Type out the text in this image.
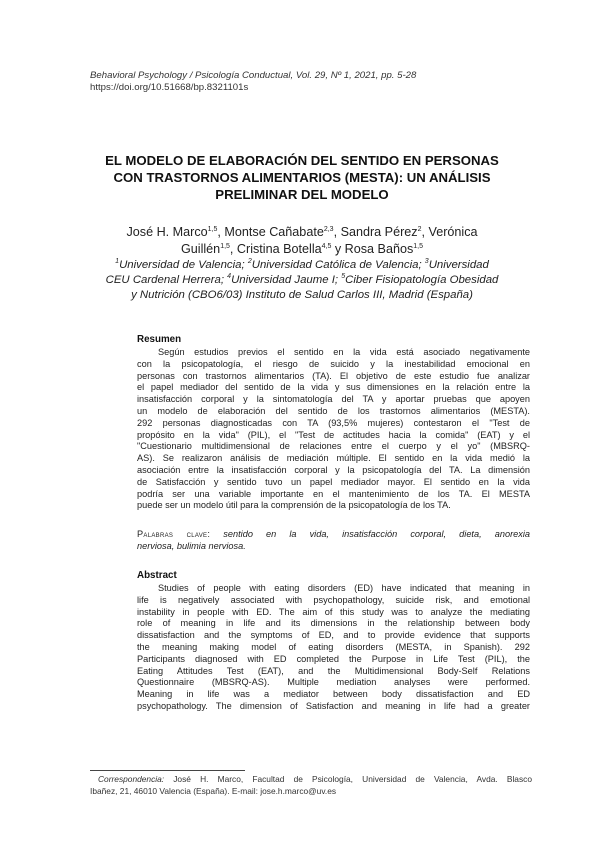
Behavioral Psychology / Psicología Conductual, Vol. 29, Nº 1, 2021, pp. 5-28
https://doi.org/10.51668/bp.8321101s
EL MODELO DE ELABORACIÓN DEL SENTIDO EN PERSONAS
CON TRASTORNOS ALIMENTARIOS (MESTA): UN ANÁLISIS
PRELIMINAR DEL MODELO
José H. Marco$^{1,5}$, Montse Cañabate$^{2,3}$, Sandra Pérez$^2$, Verónica
Guillén$^{1,5}$, Cristina Botella$^{4,5}$ y Rosa Baños$^{1,5}$
$^1$Universidad de Valencia; $^2$Universidad Católica de Valencia; $^3$Universidad
CEU Cardenal Herrera; $^4$Universidad Jaume I; $^5$Ciber Fisiopatología Obesidad
y Nutrición (CBO6/03) Instituto de Salud Carlos III, Madrid (España)
Resumen
Según estudios previos el sentido en la vida está asociado negativamente
con la psicopatología, el riesgo de suicido y la inestabilidad emocional en
personas con trastornos alimentarios (TA). El objetivo de este estudio fue analizar
el papel mediador del sentido de la vida y sus dimensiones en la relación entre la
insatisfacción corporal y la sintomatología del TA y aportar pruebas que apoyen
un modelo de elaboración del sentido de los trastornos alimentarios (MESTA).
292 personas diagnosticadas con TA (93,5% mujeres) contestaron el "Test de
propósito en la vida" (PIL), el "Test de actitudes hacia la comida" (EAT) y el
"Cuestionario multidimensional de relaciones entre el cuerpo y el yo" (MBSRQ-
AS). Se realizaron análisis de mediación múltiple. El sentido en la vida medió la
asociación entre la insatisfacción corporal y la psicopatología del TA. La dimensión
de Satisfacción y sentido tuvo un papel mediador mayor. El sentido en la vida
podría ser una variable importante en el mantenimiento de los TA. El MESTA
puede ser un modelo útil para la comprensión de la psicopatología de los TA.
Palabras clave: sentido en la vida, insatisfacción corporal, dieta, anorexia
nerviosa, bulimia nerviosa.
Abstract
Studies of people with eating disorders (ED) have indicated that meaning in
life is negatively associated with psychopathology, suicide risk, and emotional
instability in people with ED. The aim of this study was to analyze the mediating
role of meaning in life and its dimensions in the relationship between body
dissatisfaction and the symptoms of ED, and to provide evidence that supports
the meaning making model of eating disorders (MESTA, in Spanish). 292
Participants diagnosed with ED completed the Purpose in Life Test (PIL), the
Eating Attitudes Test (EAT), and the Multidimensional Body-Self Relations
Questionnaire (MBSRQ-AS). Multiple mediation analyses were performed.
Meaning in life was a mediator between body dissatisfaction and ED
psychopathology. The dimension of Satisfaction and meaning in life had a greater
Correspondencia: José H. Marco, Facultad de Psicología, Universidad de Valencia, Avda. Blasco
Ibañez, 21, 46010 Valencia (España). E-mail: jose.h.marco@uv.es
